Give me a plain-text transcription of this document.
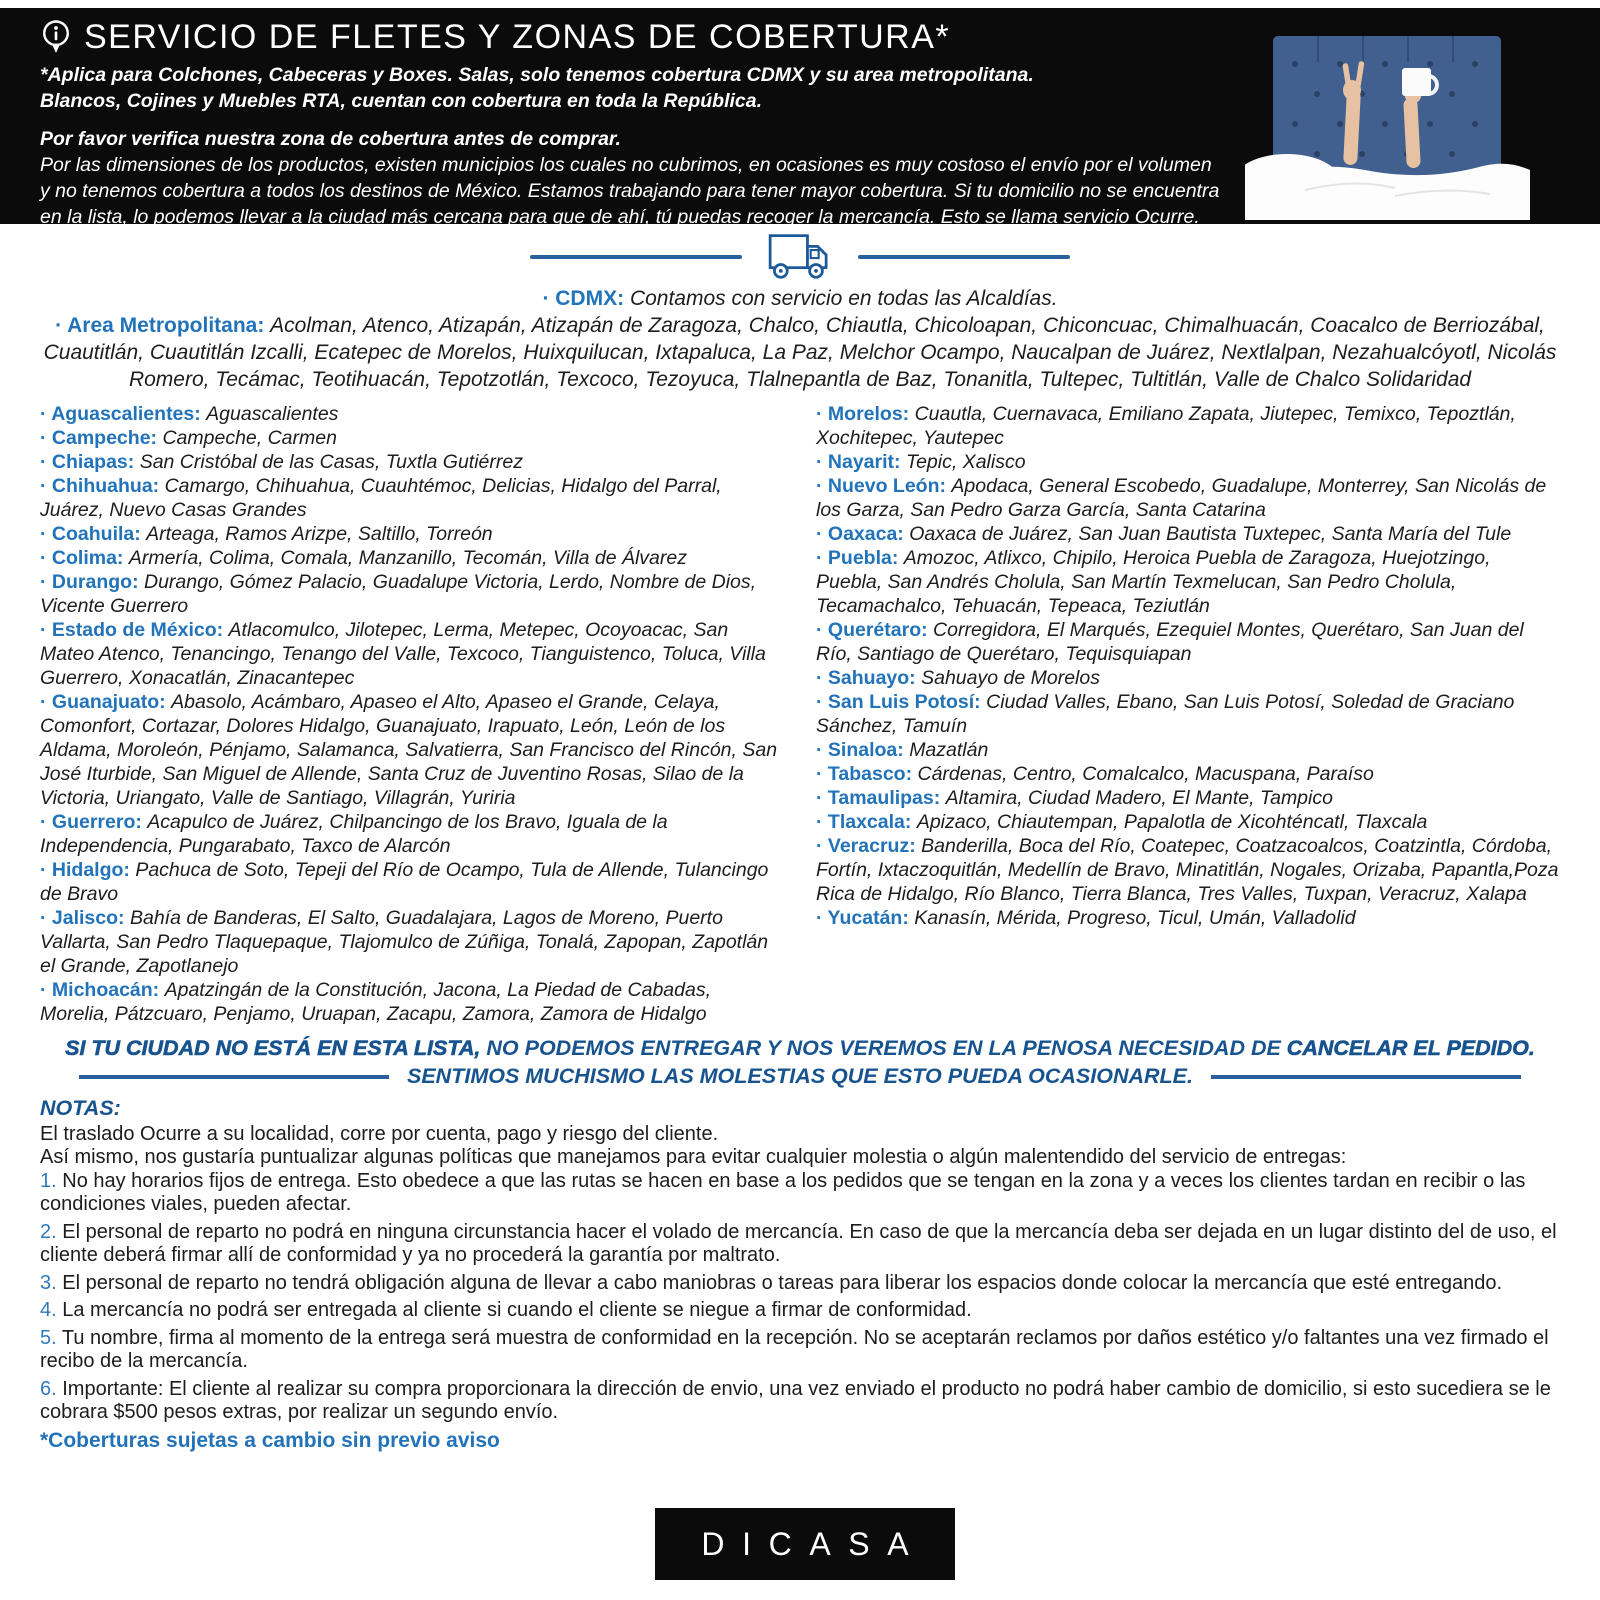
SERVICIO DE FLETES Y ZONAS DE COBERTURA*

*Aplica para Colchones, Cabeceras y Boxes. Salas, solo tenemos cobertura CDMX y su area metropolitana.
Blancos, Cojines y Muebles RTA, cuentan con cobertura en toda la República.

Por favor verifica nuestra zona de cobertura antes de comprar.
Por las dimensiones de los productos, existen municipios los cuales no cubrimos, en ocasiones es muy costoso el envío por el volumen y no tenemos cobertura a todos los destinos de México. Estamos trabajando para tener mayor cobertura. Si tu domicilio no se encuentra en la lista, lo podemos llevar a la ciudad más cercana para que de ahí, tú puedas recoger la mercancía. Esto se llama servicio Ocurre.

· CDMX: Contamos con servicio en todas las Alcaldías.

· Area Metropolitana: Acolman, Atenco, Atizapán, Atizapán de Zaragoza, Chalco, Chiautla, Chicoloapan, Chiconcuac, Chimalhuacán, Coacalco de Berriozábal, Cuautitlán, Cuautitlán Izcalli, Ecatepec de Morelos, Huixquilucan, Ixtapaluca, La Paz, Melchor Ocampo, Naucalpan de Juárez, Nextlalpan, Nezahualcóyotl, Nicolás Romero, Tecámac, Teotihuacán, Tepotzotlán, Texcoco, Tezoyuca, Tlalnepantla de Baz, Tonanitla, Tultepec, Tultitlán, Valle de Chalco Solidaridad

· Aguascalientes: Aguascalientes

· Campeche: Campeche, Carmen

· Chiapas: San Cristóbal de las Casas, Tuxtla Gutiérrez

· Chihuahua: Camargo, Chihuahua, Cuauhtémoc, Delicias, Hidalgo del Parral, Juárez, Nuevo Casas Grandes

· Coahuila: Arteaga, Ramos Arizpe, Saltillo, Torreón

· Colima: Armería, Colima, Comala, Manzanillo, Tecomán, Villa de Álvarez

· Durango: Durango, Gómez Palacio, Guadalupe Victoria, Lerdo, Nombre de Dios, Vicente Guerrero

· Estado de México: Atlacomulco, Jilotepec, Lerma, Metepec, Ocoyoacac, San Mateo Atenco, Tenancingo, Tenango del Valle, Texcoco, Tianguistenco, Toluca, Villa Guerrero, Xonacatlán, Zinacantepec

· Guanajuato: Abasolo, Acámbaro, Apaseo el Alto, Apaseo el Grande, Celaya, Comonfort, Cortazar, Dolores Hidalgo, Guanajuato, Irapuato, León, León de los Aldama, Moroleón, Pénjamo, Salamanca, Salvatierra, San Francisco del Rincón, San José Iturbide, San Miguel de Allende, Santa Cruz de Juventino Rosas, Silao de la Victoria, Uriangato, Valle de Santiago, Villagrán, Yuriria

· Guerrero: Acapulco de Juárez, Chilpancingo de los Bravo, Iguala de la Independencia, Pungarabato, Taxco de Alarcón

· Hidalgo: Pachuca de Soto, Tepeji del Río de Ocampo, Tula de Allende, Tulancingo de Bravo

· Jalisco: Bahía de Banderas, El Salto, Guadalajara, Lagos de Moreno, Puerto Vallarta, San Pedro Tlaquepaque, Tlajomulco de Zúñiga, Tonalá, Zapopan, Zapotlán el Grande, Zapotlanejo

· Michoacán: Apatzingán de la Constitución, Jacona, La Piedad de Cabadas, Morelia, Pátzcuaro, Penjamo, Uruapan, Zacapu, Zamora, Zamora de Hidalgo

· Morelos: Cuautla, Cuernavaca, Emiliano Zapata, Jiutepec, Temixco, Tepoztlán, Xochitepec, Yautepec

· Nayarit: Tepic, Xalisco

· Nuevo León: Apodaca, General Escobedo, Guadalupe, Monterrey, San Nicolás de los Garza, San Pedro Garza García, Santa Catarina

· Oaxaca: Oaxaca de Juárez, San Juan Bautista Tuxtepec, Santa María del Tule

· Puebla: Amozoc, Atlixco, Chipilo, Heroica Puebla de Zaragoza, Huejotzingo, Puebla, San Andrés Cholula, San Martín Texmelucan, San Pedro Cholula, Tecamachalco, Tehuacán, Tepeaca, Teziutlán

· Querétaro: Corregidora, El Marqués, Ezequiel Montes, Querétaro, San Juan del Río, Santiago de Querétaro, Tequisquiapan

· Sahuayo: Sahuayo de Morelos

· San Luis Potosí: Ciudad Valles, Ebano, San Luis Potosí, Soledad de Graciano Sánchez, Tamuín

· Sinaloa: Mazatlán

· Tabasco: Cárdenas, Centro, Comalcalco, Macuspana, Paraíso

· Tamaulipas: Altamira, Ciudad Madero, El Mante, Tampico

· Tlaxcala: Apizaco, Chiautempan, Papalotla de Xicohténcatl, Tlaxcala

· Veracruz: Banderilla, Boca del Río, Coatepec, Coatzacoalcos, Coatzintla, Córdoba, Fortín, Ixtaczoquitlán, Medellín de Bravo, Minatitlán, Nogales, Orizaba, Papantla,Poza Rica de Hidalgo, Río Blanco, Tierra Blanca, Tres Valles, Tuxpan, Veracruz, Xalapa

· Yucatán: Kanasín, Mérida, Progreso, Ticul, Umán, Valladolid

SI TU CIUDAD NO ESTÁ EN ESTA LISTA, NO PODEMOS ENTREGAR Y NOS VEREMOS EN LA PENOSA NECESIDAD DE CANCELAR EL PEDIDO.

SENTIMOS MUCHISMO LAS MOLESTIAS QUE ESTO PUEDA OCASIONARLE.

NOTAS:

El traslado Ocurre a su localidad, corre por cuenta, pago y riesgo del cliente.

Así mismo, nos gustaría puntualizar algunas políticas que manejamos para evitar cualquier molestia o algún malentendido del servicio de entregas:

1. No hay horarios fijos de entrega. Esto obedece a que las rutas se hacen en base a los pedidos que se tengan en la zona y a veces los clientes tardan en recibir o las condiciones viales, pueden afectar.

2. El personal de reparto no podrá en ninguna circunstancia hacer el volado de mercancía. En caso de que la mercancía deba ser dejada en un lugar distinto del de uso, el cliente deberá firmar allí de conformidad y ya no procederá la garantía por maltrato.

3. El personal de reparto no tendrá obligación alguna de llevar a cabo maniobras o tareas para liberar los espacios donde colocar la mercancía que esté entregando.

4. La mercancía no podrá ser entregada al cliente si cuando el cliente se niegue a firmar de conformidad.

5. Tu nombre, firma al momento de la entrega será muestra de conformidad en la recepción. No se aceptarán reclamos por daños estético y/o faltantes una vez firmado el recibo de la mercancía.

6. Importante: El cliente al realizar su compra proporcionara la dirección de envio, una vez enviado el producto no podrá haber cambio de domicilio, si esto sucediera se le cobrara $500 pesos extras, por realizar un segundo envío.

*Coberturas sujetas a cambio sin previo aviso

DICASA
